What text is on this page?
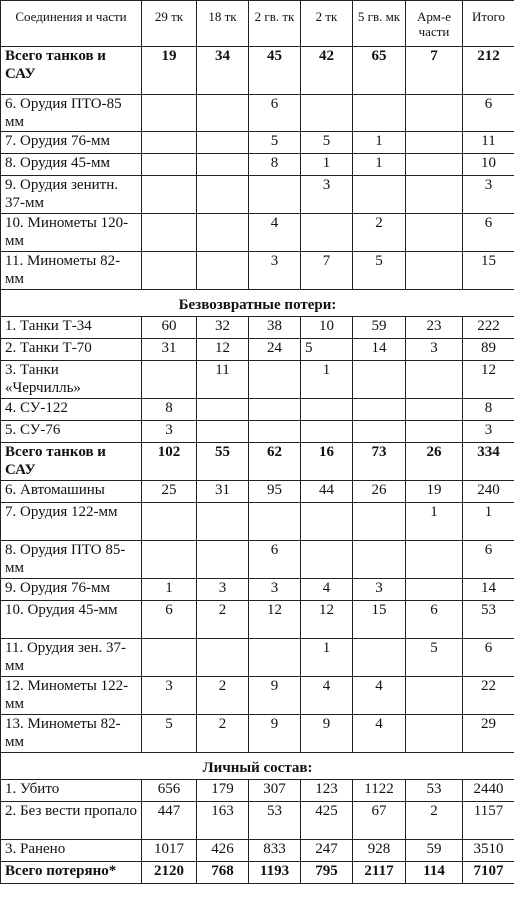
Соединения и части	29 тк	18 тк	2 гв. тк	2 тк	5 гв. мк	Арм-е части	Итого
Всего танков и САУ	19	34	45	42	65	7	212
6. Орудия ПТО-85 мм			6				6
7. Орудия 76-мм			5	5	1		11
8. Орудия 45-мм			8	1	1		10
9. Орудия зенитн. 37-мм				3			3
10. Минометы 120-мм			4		2		6
11. Минометы 82-мм			3	7	5		15
Безвозвратные потери:							
1. Танки Т-34	60	32	38	10	59	23	222
2. Танки Т-70	31	12	24	5	14	3	89
3. Танки «Черчилль»		11		1			12
4. СУ-122	8						8
5. СУ-76	3						3
Всего танков и САУ	102	55	62	16	73	26	334
6. Автомашины	25	31	95	44	26	19	240
7. Орудия 122-мм						1	1
8. Орудия ПТО 85-мм			6				6
9. Орудия 76-мм	1	3	3	4	3		14
10. Орудия 45-мм	6	2	12	12	15	6	53
11. Орудия зен. 37-мм				1		5	6
12. Минометы 122-мм	3	2	9	4	4		22
13. Минометы 82-мм	5	2	9	9	4		29
Личный состав:							
1. Убито	656	179	307	123	1122	53	2440
2. Без вести пропало	447	163	53	425	67	2	1157
3. Ранено	1017	426	833	247	928	59	3510
Всего потеряно*	2120	768	1193	795	2117	114	7107
